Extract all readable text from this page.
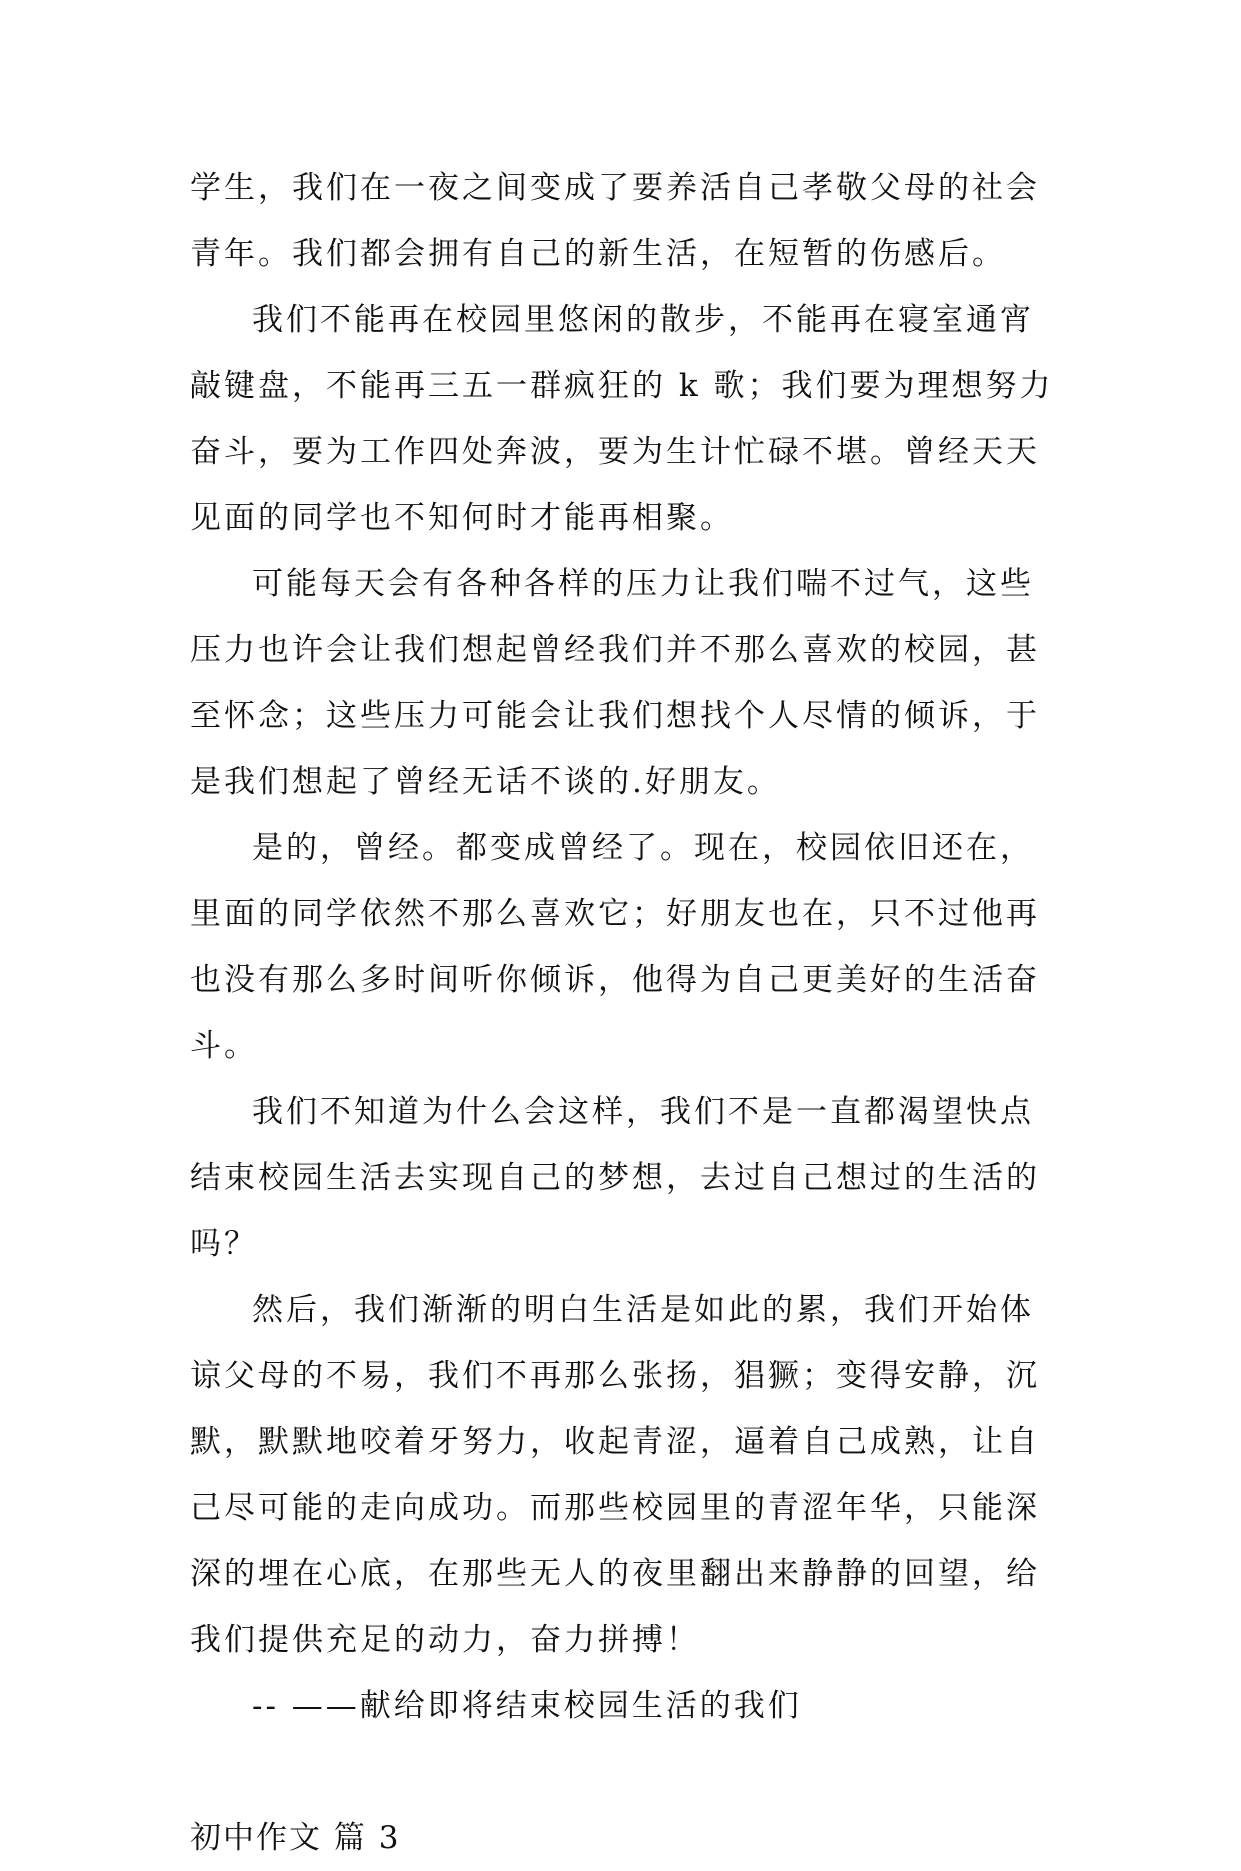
学生，我们在一夜之间变成了要养活自己孝敬父母的社会青年。我们都会拥有自己的新生活，在短暂的伤感后。

我们不能再在校园里悠闲的散步，不能再在寝室通宵敲键盘，不能再三五一群疯狂的 k 歌；我们要为理想努力奋斗，要为工作四处奔波，要为生计忙碌不堪。曾经天天见面的同学也不知何时才能再相聚。

可能每天会有各种各样的压力让我们喘不过气，这些压力也许会让我们想起曾经我们并不那么喜欢的校园，甚至怀念；这些压力可能会让我们想找个人尽情的倾诉，于是我们想起了曾经无话不谈的.好朋友。

是的，曾经。都变成曾经了。现在，校园依旧还在，里面的同学依然不那么喜欢它；好朋友也在，只不过他再也没有那么多时间听你倾诉，他得为自己更美好的生活奋斗。

我们不知道为什么会这样，我们不是一直都渴望快点结束校园生活去实现自己的梦想，去过自己想过的生活的吗？

然后，我们渐渐的明白生活是如此的累，我们开始体谅父母的不易，我们不再那么张扬，猖獗；变得安静，沉默，默默地咬着牙努力，收起青涩，逼着自己成熟，让自己尽可能的走向成功。而那些校园里的青涩年华，只能深深的埋在心底，在那些无人的夜里翻出来静静的回望，给我们提供充足的动力，奋力拼搏！

-- ——献给即将结束校园生活的我们

初中作文 篇 3
